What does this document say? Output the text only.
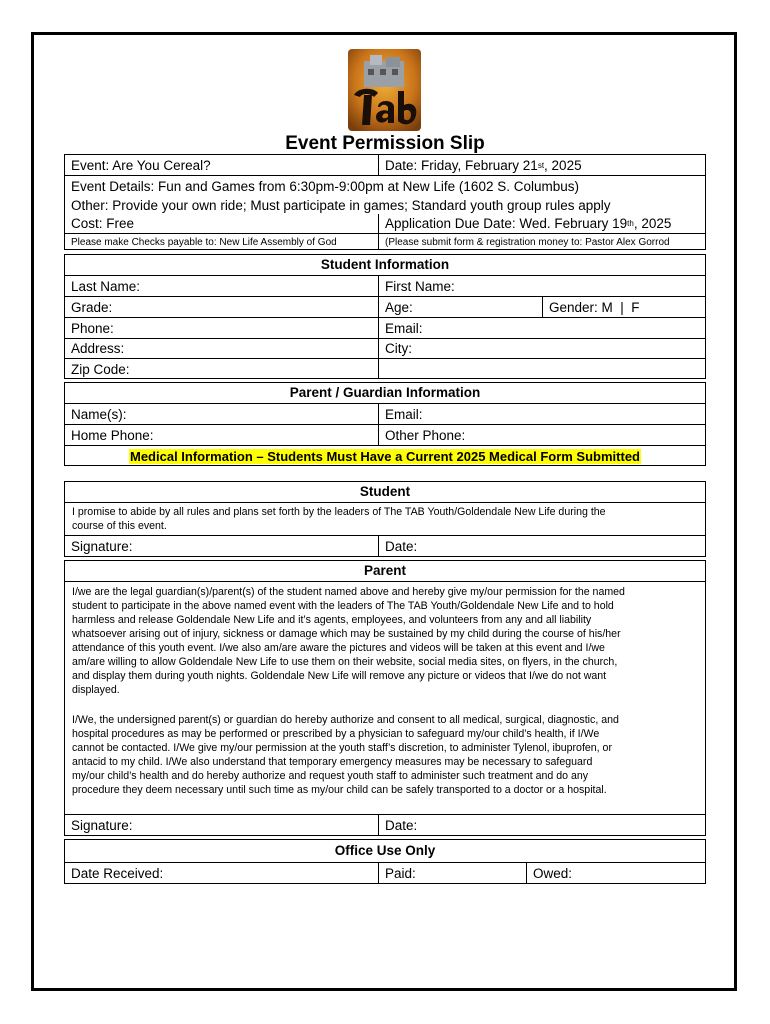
Event Permission Slip
Event: Are You Cereal?	Date: Friday, February 21 st , 2025
Event Details: Fun and Games from 6:30pm-9:00pm at New Life (1602 S. Columbus)
Other: Provide your own ride; Must participate in games; Standard youth group rules apply
Cost: Free	Application Due Date: Wed. February 19 th , 2025
Please make Checks payable to: New Life Assembly of God	(Please submit form & registration money to: Pastor Alex Gorrod
Student Information
Last Name:	First Name:
Grade:	Age:	Gender: M  |  F
Phone:	Email:
Address:	City:
Zip Code:
Parent / Guardian Information
Name(s):	Email:
Home Phone:	Other Phone:
Medical Information – Students Must Have a Current 2025 Medical Form Submitted
Student
I promise to abide by all rules and plans set forth by the leaders of The TAB Youth/Goldendale New Life during the
course of this event.
Signature:	Date:
Parent
I/we are the legal guardian(s)/parent(s) of the student named above and hereby give my/our permission for the named
student to participate in the above named event with the leaders of The TAB Youth/Goldendale New Life and to hold
harmless and release Goldendale New Life and it’s agents, employees, and volunteers from any and all liability
whatsoever arising out of injury, sickness or damage which may be sustained by my child during the course of his/her
attendance of this youth event. I/we also am/are aware the pictures and videos will be taken at this event and I/we
am/are willing to allow Goldendale New Life to use them on their website, social media sites, on flyers, in the church,
and display them during youth nights. Goldendale New Life will remove any picture or videos that I/we do not want
displayed.
I/We, the undersigned parent(s) or guardian do hereby authorize and consent to all medical, surgical, diagnostic, and
hospital procedures as may be performed or prescribed by a physician to safeguard my/our child’s health, if I/We
cannot be contacted. I/We give my/our permission at the youth staff’s discretion, to administer Tylenol, ibuprofen, or
antacid to my child. I/We also understand that temporary emergency measures may be necessary to safeguard
my/our child’s health and do hereby authorize and request youth staff to administer such treatment and do any
procedure they deem necessary until such time as my/our child can be safely transported to a doctor or a hospital.
Signature:	Date:
Office Use Only
Date Received:	Paid:	Owed:
